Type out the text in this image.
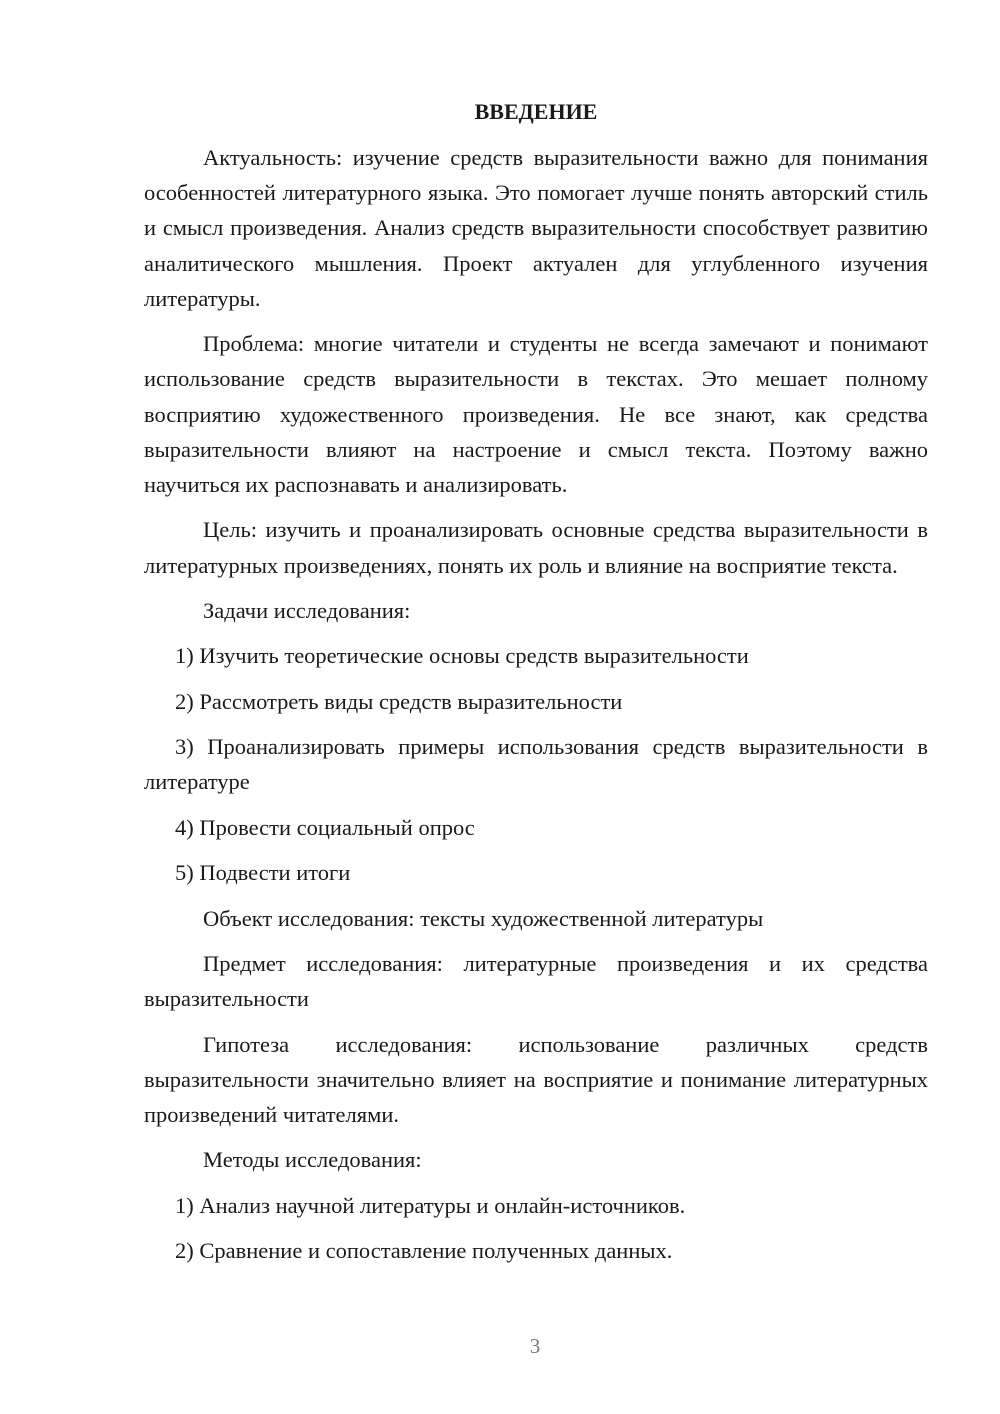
ВВЕДЕНИЕ

Актуальность: изучение средств выразительности важно для понимания особенностей литературного языка. Это помогает лучше понять авторский стиль и смысл произведения. Анализ средств выразительности способствует развитию аналитического мышления. Проект актуален для углубленного изучения литературы.

Проблема: многие читатели и студенты не всегда замечают и понимают использование средств выразительности в текстах. Это мешает полному восприятию художественного произведения. Не все знают, как средства выразительности влияют на настроение и смысл текста. Поэтому важно научиться их распознавать и анализировать.

Цель: изучить и проанализировать основные средства выразительности в литературных произведениях, понять их роль и влияние на восприятие текста.

Задачи исследования:

1) Изучить теоретические основы средств выразительности

2) Рассмотреть виды средств выразительности

3) Проанализировать примеры использования средств выразительности в литературе

4) Провести социальный опрос

5) Подвести итоги

Объект исследования: тексты художественной литературы

Предмет исследования: литературные произведения и их средства выразительности

Гипотеза исследования: использование различных средств выразительности значительно влияет на восприятие и понимание литературных произведений читателями.

Методы исследования:

1) Анализ научной литературы и онлайн-источников.

2) Сравнение и сопоставление полученных данных.

3
